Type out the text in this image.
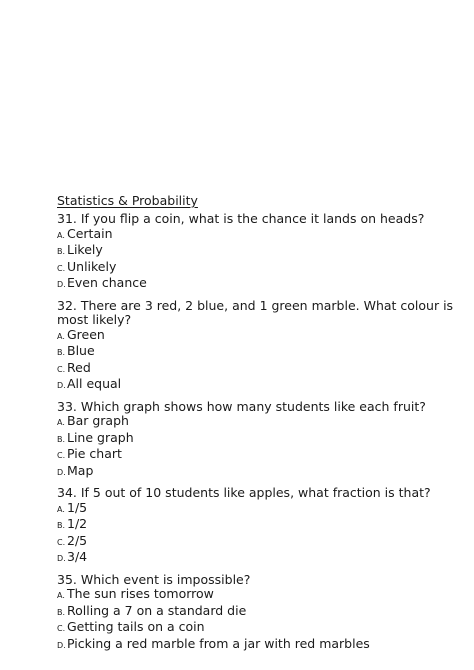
Statistics & Probability

31. If you flip a coin, what is the chance it lands on heads?

A. Certain
B. Likely
C. Unlikely
D.Even chance

32. There are 3 red, 2 blue, and 1 green marble. What colour is most likely?

A. Green
B. Blue
C. Red
D.All equal

33. Which graph shows how many students like each fruit?

A. Bar graph
B. Line graph
C. Pie chart
D.Map

34. If 5 out of 10 students like apples, what fraction is that?

A. 1/5
B. 1/2
C. 2/5
D.3/4

35. Which event is impossible?

A. The sun rises tomorrow
B. Rolling a 7 on a standard die
C. Getting tails on a coin
D.Picking a red marble from a jar with red marbles
